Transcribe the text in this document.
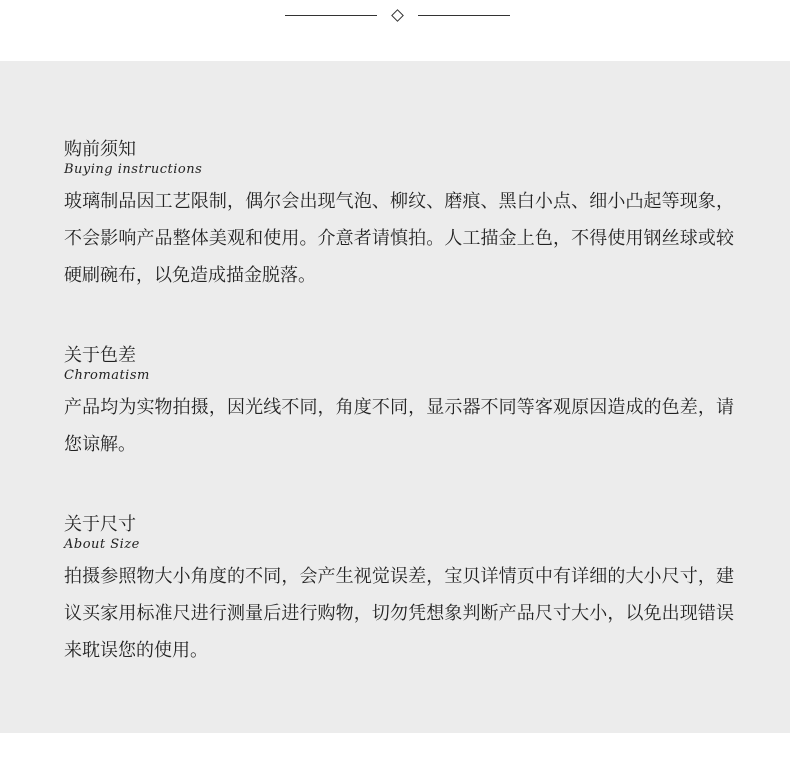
购前须知
Buying instructions

玻璃制品因工艺限制，偶尔会出现气泡、柳纹、磨痕、黑白小点、细小凸起等现象，不会影响产品整体美观和使用。介意者请慎拍。人工描金上色，不得使用钢丝球或较硬刷碗布，以免造成描金脱落。

关于色差
Chromatism

产品均为实物拍摄，因光线不同，角度不同，显示器不同等客观原因造成的色差，请您谅解。

关于尺寸
About Size

拍摄参照物大小角度的不同，会产生视觉误差，宝贝详情页中有详细的大小尺寸，建议买家用标准尺进行测量后进行购物，切勿凭想象判断产品尺寸大小，以免出现错误来耽误您的使用。
